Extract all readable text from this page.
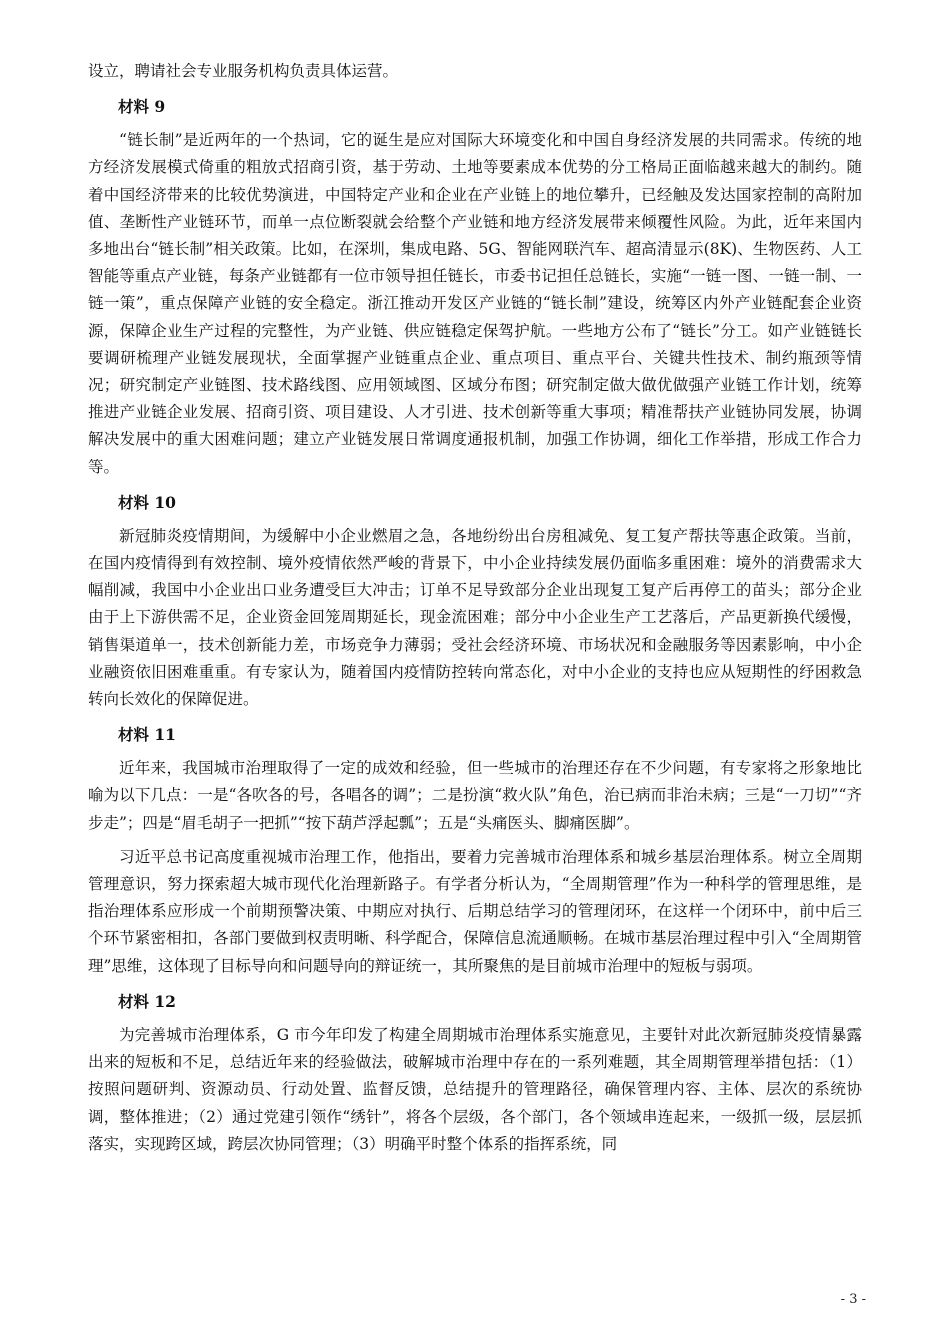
设立，聘请社会专业服务机构负责具体运营。

材料 9

“链长制”是近两年的一个热词，它的诞生是应对国际大环境变化和中国自身经济发展的共同需求。传统的地方经济发展模式倚重的粗放式招商引资，基于劳动、土地等要素成本优势的分工格局正面临越来越大的制约。随着中国经济带来的比较优势演进，中国特定产业和企业在产业链上的地位攀升，已经触及发达国家控制的高附加值、垄断性产业链环节，而单一点位断裂就会给整个产业链和地方经济发展带来倾覆性风险。为此，近年来国内多地出台“链长制”相关政策。比如，在深圳，集成电路、5G、智能网联汽车、超高清显示(8K)、生物医药、人工智能等重点产业链，每条产业链都有一位市领导担任链长，市委书记担任总链长，实施“一链一图、一链一制、一链一策”，重点保障产业链的安全稳定。浙江推动开发区产业链的“链长制”建设，统筹区内外产业链配套企业资源，保障企业生产过程的完整性，为产业链、供应链稳定保驾护航。一些地方公布了“链长”分工。如产业链链长要调研梳理产业链发展现状，全面掌握产业链重点企业、重点项目、重点平台、关键共性技术、制约瓶颈等情况；研究制定产业链图、技术路线图、应用领域图、区域分布图；研究制定做大做优做强产业链工作计划，统筹推进产业链企业发展、招商引资、项目建设、人才引进、技术创新等重大事项；精准帮扶产业链协同发展，协调解决发展中的重大困难问题；建立产业链发展日常调度通报机制，加强工作协调，细化工作举措，形成工作合力等。

材料 10

新冠肺炎疫情期间，为缓解中小企业燃眉之急，各地纷纷出台房租减免、复工复产帮扶等惠企政策。当前，在国内疫情得到有效控制、境外疫情依然严峻的背景下，中小企业持续发展仍面临多重困难：境外的消费需求大幅削减，我国中小企业出口业务遭受巨大冲击；订单不足导致部分企业出现复工复产后再停工的苗头；部分企业由于上下游供需不足，企业资金回笼周期延长，现金流困难；部分中小企业生产工艺落后，产品更新换代缓慢，销售渠道单一，技术创新能力差，市场竞争力薄弱；受社会经济环境、市场状况和金融服务等因素影响，中小企业融资依旧困难重重。有专家认为，随着国内疫情防控转向常态化，对中小企业的支持也应从短期性的纾困救急转向长效化的保障促进。

材料 11

近年来，我国城市治理取得了一定的成效和经验，但一些城市的治理还存在不少问题，有专家将之形象地比喻为以下几点：一是“各吹各的号，各唱各的调”；二是扮演“救火队”角色，治已病而非治未病；三是“一刀切”“齐步走”；四是“眉毛胡子一把抓”“按下葫芦浮起瓢”；五是“头痛医头、脚痛医脚”。

习近平总书记高度重视城市治理工作，他指出，要着力完善城市治理体系和城乡基层治理体系。树立全周期管理意识，努力探索超大城市现代化治理新路子。有学者分析认为，“全周期管理”作为一种科学的管理思维，是指治理体系应形成一个前期预警决策、中期应对执行、后期总结学习的管理闭环，在这样一个闭环中，前中后三个环节紧密相扣，各部门要做到权责明晰、科学配合，保障信息流通顺畅。在城市基层治理过程中引入“全周期管理”思维，这体现了目标导向和问题导向的辩证统一，其所聚焦的是目前城市治理中的短板与弱项。

材料 12

为完善城市治理体系，G 市今年印发了构建全周期城市治理体系实施意见，主要针对此次新冠肺炎疫情暴露出来的短板和不足，总结近年来的经验做法，破解城市治理中存在的一系列难题，其全周期管理举措包括：（1）按照问题研判、资源动员、行动处置、监督反馈，总结提升的管理路径，确保管理内容、主体、层次的系统协调，整体推进；（2）通过党建引领作“绣针”，将各个层级，各个部门，各个领域串连起来，一级抓一级，层层抓落实，实现跨区域，跨层次协同管理；（3）明确平时整个体系的指挥系统，同

- 3 -
